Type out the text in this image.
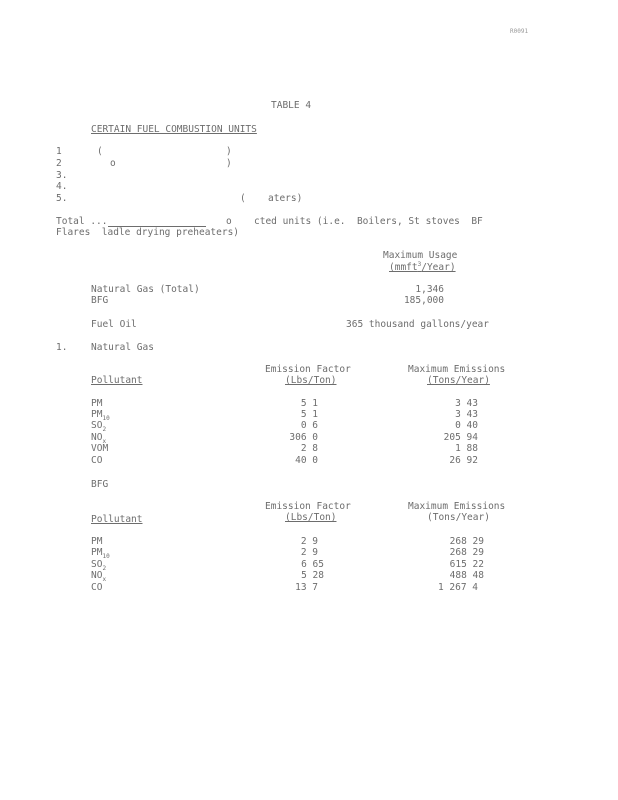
R0091
TABLE 4
CERTAIN FUEL COMBUSTION UNITS
1	(	)
2	o	)
3.
4.
5.	( aters)
Total ...	o cted units (i.e.  Boilers, St stoves  BF
Flares  ladle drying preheaters)
Maximum Usage
(mmft$^3$/Year)
Natural Gas (Total)	1,346
BFG	185,000
Fuel Oil	365 thousand gallons/year
1. Natural Gas
Emission Factor
(Lbs/Ton)
Maximum Emissions
(Tons/Year)
Pollutant
PM	5 1	3 43
$PM_{10}$	5 1	3 43
$SO_2$	0 6	0 40
$NO_x$	306 0	205 94
VOM	2 8	1 88
CO	40 0	26 92
BFG
Emission Factor
(Lbs/Ton)
Maximum Emissions
(Tons/Year)
Pollutant
PM	2 9	268 29
$PM_{10}$	2 9	268 29
$SO_2$	6 65	615 22
$NO_x$	5 28	488 48
CO	13 7	1 267 4
